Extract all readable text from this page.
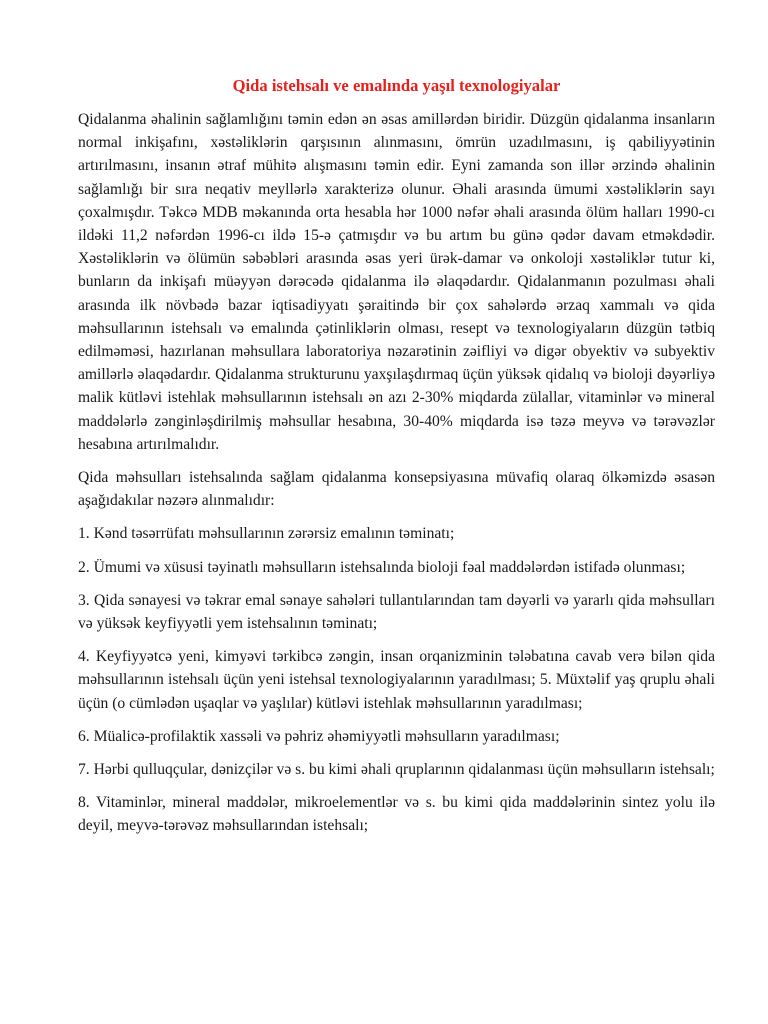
Qida istehsalı ve emalında yaşıl texnologiyalar

Qidalanma əhalinin sağlamlığını təmin edən ən əsas amillərdən biridir. Düzgün qidalanma insanların normal inkişafını, xəstəliklərin qarşısının alınmasını, ömrün uzadılmasını, iş qabiliyyətinin artırılmasını, insanın ətraf mühitə alışmasını təmin edir. Eyni zamanda son illər ərzində əhalinin sağlamlığı bir sıra neqativ meyllərlə xarakterizə olunur. Əhali arasında ümumi xəstəliklərin sayı çoxalmışdır. Təkcə MDB məkanında orta hesabla hər 1000 nəfər əhali arasında ölüm halları 1990-cı ildəki 11,2 nəfərdən 1996-cı ildə 15-ə çatmışdır və bu artım bu günə qədər davam etməkdədir. Xəstəliklərin və ölümün səbəbləri arasında əsas yeri ürək-damar və onkoloji xəstəliklər tutur ki, bunların da inkişafı müəyyən dərəcədə qidalanma ilə əlaqədardır. Qidalanmanın pozulması əhali arasında ilk növbədə bazar iqtisadiyyatı şəraitində bir çox sahələrdə ərzaq xammalı və qida məhsullarının istehsalı və emalında çətinliklərin olması, resept və texnologiyaların düzgün tətbiq edilməməsi, hazırlanan məhsullara laboratoriya nəzarətinin zəifliyi və digər obyektiv və subyektiv amillərlə əlaqədardır. Qidalanma strukturunu yaxşılaşdırmaq üçün yüksək qidalıq və bioloji dəyərliyə malik kütləvi istehlak məhsullarının istehsalı ən azı 2-30% miqdarda zülallar, vitaminlər və mineral maddələrlə zənginləşdirilmiş məhsullar hesabına, 30-40% miqdarda isə təzə meyvə və tərəvəzlər hesabına artırılmalıdır.

Qida məhsulları istehsalında sağlam qidalanma konsepsiyasına müvafiq olaraq ölkəmizdə əsasən aşağıdakılar nəzərə alınmalıdır:

1. Kənd təsərrüfatı məhsullarının zərərsiz emalının təminatı;

2. Ümumi və xüsusi təyinatlı məhsulların istehsalında bioloji fəal maddələrdən istifadə olunması;

3. Qida sənayesi və təkrar emal sənaye sahələri tullantılarından tam dəyərli və yararlı qida məhsulları və yüksək keyfiyyətli yem istehsalının təminatı;

4. Keyfiyyətcə yeni, kimyəvi tərkibcə zəngin, insan orqanizminin tələbatına cavab verə bilən qida məhsullarının istehsalı üçün yeni istehsal texnologiyalarının yaradılması; 5. Müxtəlif yaş qruplu əhali üçün (o cümlədən uşaqlar və yaşlılar) kütləvi istehlak məhsullarının yaradılması;

6. Müalicə-profilaktik xassəli və pəhriz əhəmiyyətli məhsulların yaradılması;

7. Hərbi qulluqçular, dənizçilər və s. bu kimi əhali qruplarının qidalanması üçün məhsulların istehsalı;

8. Vitaminlər, mineral maddələr, mikroelementlər və s. bu kimi qida maddələrinin sintez yolu ilə deyil, meyvə-tərəvəz məhsullarından istehsalı;
